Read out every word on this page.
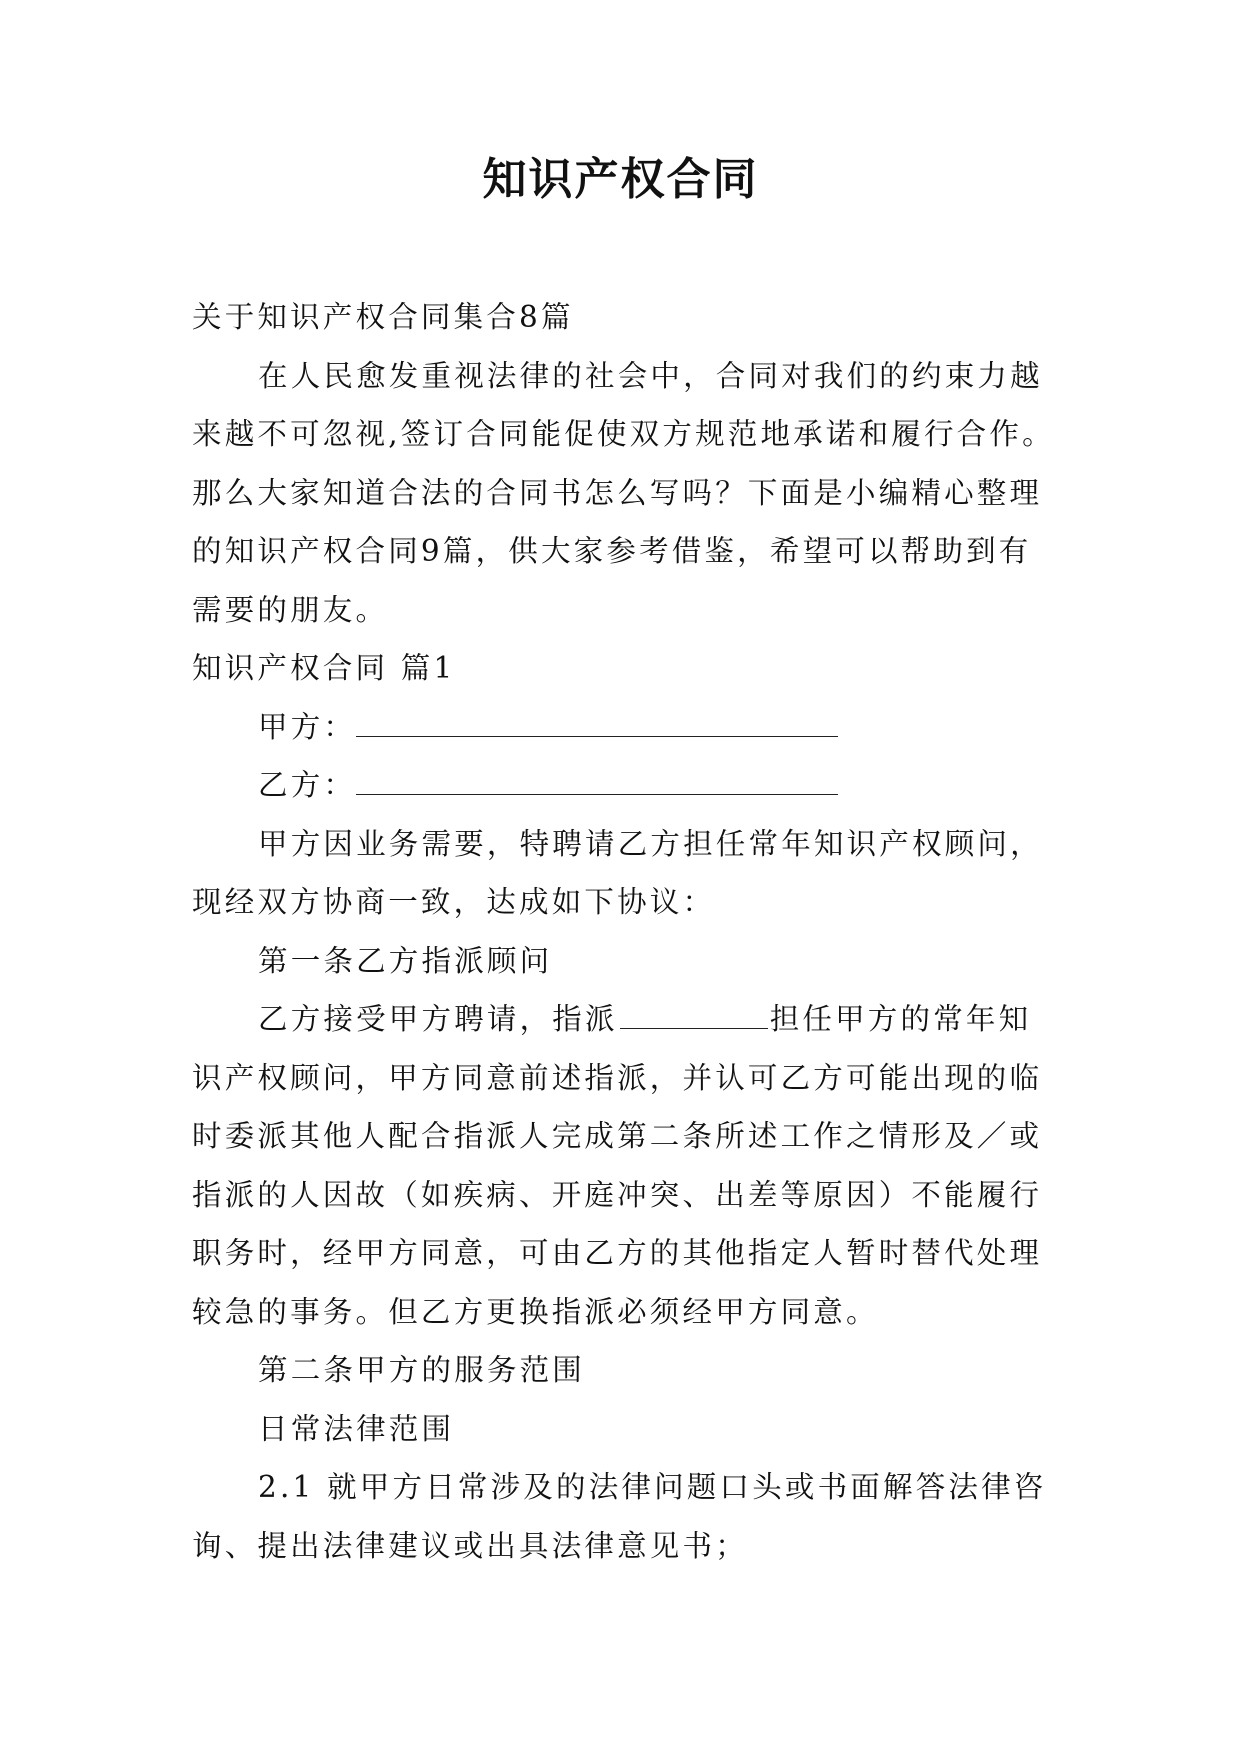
知识产权合同

关于知识产权合同集合8篇

在人民愈发重视法律的社会中，合同对我们的约束力越来越不可忽视,签订合同能促使双方规范地承诺和履行合作。那么大家知道合法的合同书怎么写吗？下面是小编精心整理的知识产权合同9篇，供大家参考借鉴，希望可以帮助到有需要的朋友。

知识产权合同 篇1

甲方：

乙方：

甲方因业务需要，特聘请乙方担任常年知识产权顾问，现经双方协商一致，达成如下协议：

第一条乙方指派顾问

乙方接受甲方聘请，指派	担任甲方的常年知识产权顾问，甲方同意前述指派，并认可乙方可能出现的临时委派其他人配合指派人完成第二条所述工作之情形及／或指派的人因故（如疾病、开庭冲突、出差等原因）不能履行职务时，经甲方同意，可由乙方的其他指定人暂时替代处理较急的事务。但乙方更换指派必须经甲方同意。

第二条甲方的服务范围

日常法律范围

2.1 就甲方日常涉及的法律问题口头或书面解答法律咨询、提出法律建议或出具法律意见书；
